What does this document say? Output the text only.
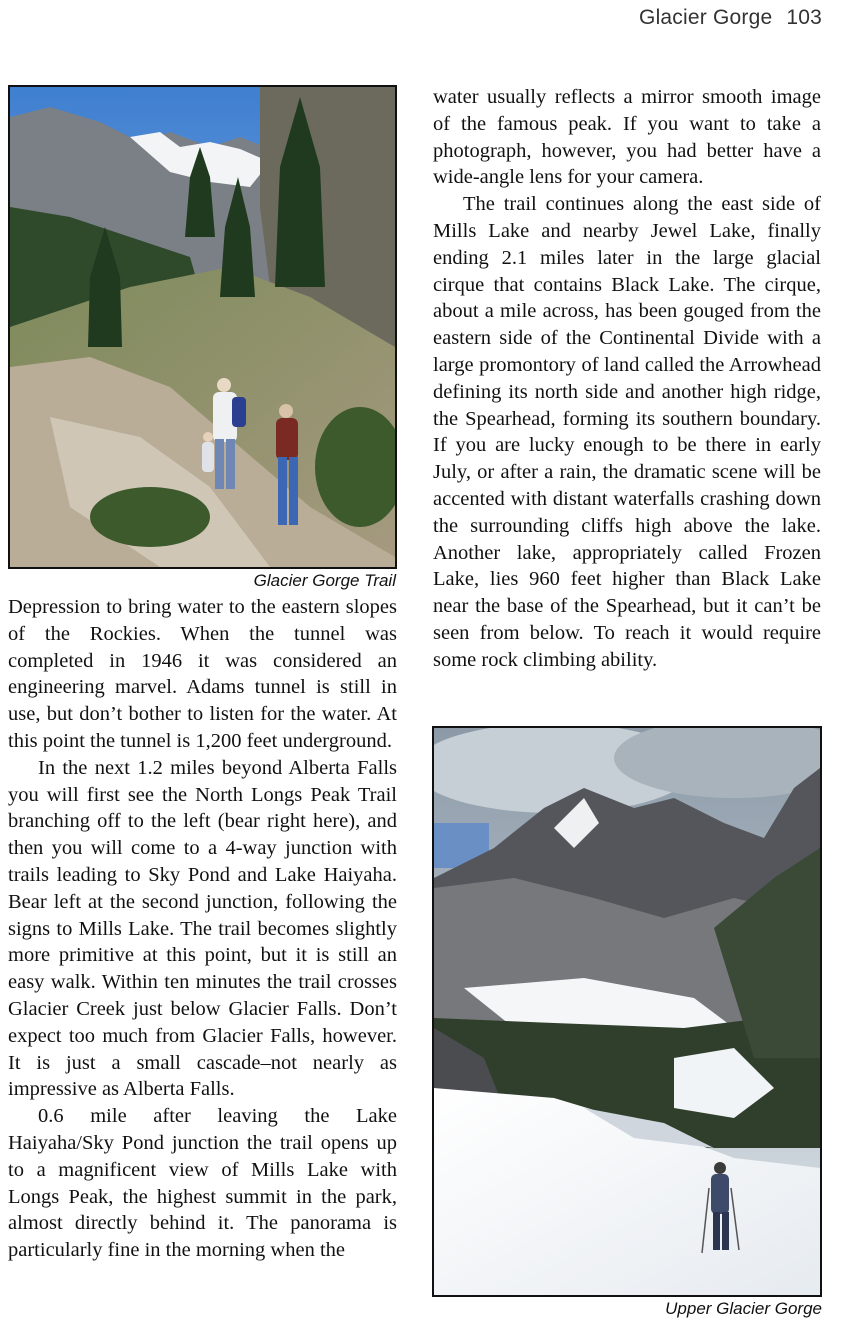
Glacier Gorge 103
Glacier Gorge Trail

Depression to bring water to the eastern slopes of the Rockies. When the tunnel was completed in 1946 it was considered an engineering marvel. Adams tunnel is still in use, but don’t bother to listen for the water. At this point the tunnel is 1,200 feet underground.

In the next 1.2 miles beyond Alberta Falls you will first see the North Longs Peak Trail branching off to the left (bear right here), and then you will come to a 4-way junction with trails leading to Sky Pond and Lake Haiyaha. Bear left at the second junction, following the signs to Mills Lake. The trail becomes slightly more primitive at this point, but it is still an easy walk. Within ten minutes the trail crosses Glacier Creek just below Glacier Falls. Don’t expect too much from Glacier Falls, however. It is just a small cascade–not nearly as impressive as Alberta Falls.

0.6 mile after leaving the Lake Haiyaha/Sky Pond junction the trail opens up to a magnificent view of Mills Lake with Longs Peak, the highest summit in the park, almost directly behind it. The panorama is particularly fine in the morning when the

water usually reflects a mirror smooth image of the famous peak. If you want to take a photograph, however, you had better have a wide-angle lens for your camera.

The trail continues along the east side of Mills Lake and nearby Jewel Lake, finally ending 2.1 miles later in the large glacial cirque that contains Black Lake. The cirque, about a mile across, has been gouged from the eastern side of the Continental Divide with a large promontory of land called the Arrowhead defining its north side and another high ridge, the Spearhead, forming its southern boundary. If you are lucky enough to be there in early July, or after a rain, the dramatic scene will be accented with distant waterfalls crashing down the surrounding cliffs high above the lake. Another lake, appropriately called Frozen Lake, lies 960 feet higher than Black Lake near the base of the Spearhead, but it can’t be seen from below. To reach it would require some rock climbing ability.

Upper Glacier Gorge
